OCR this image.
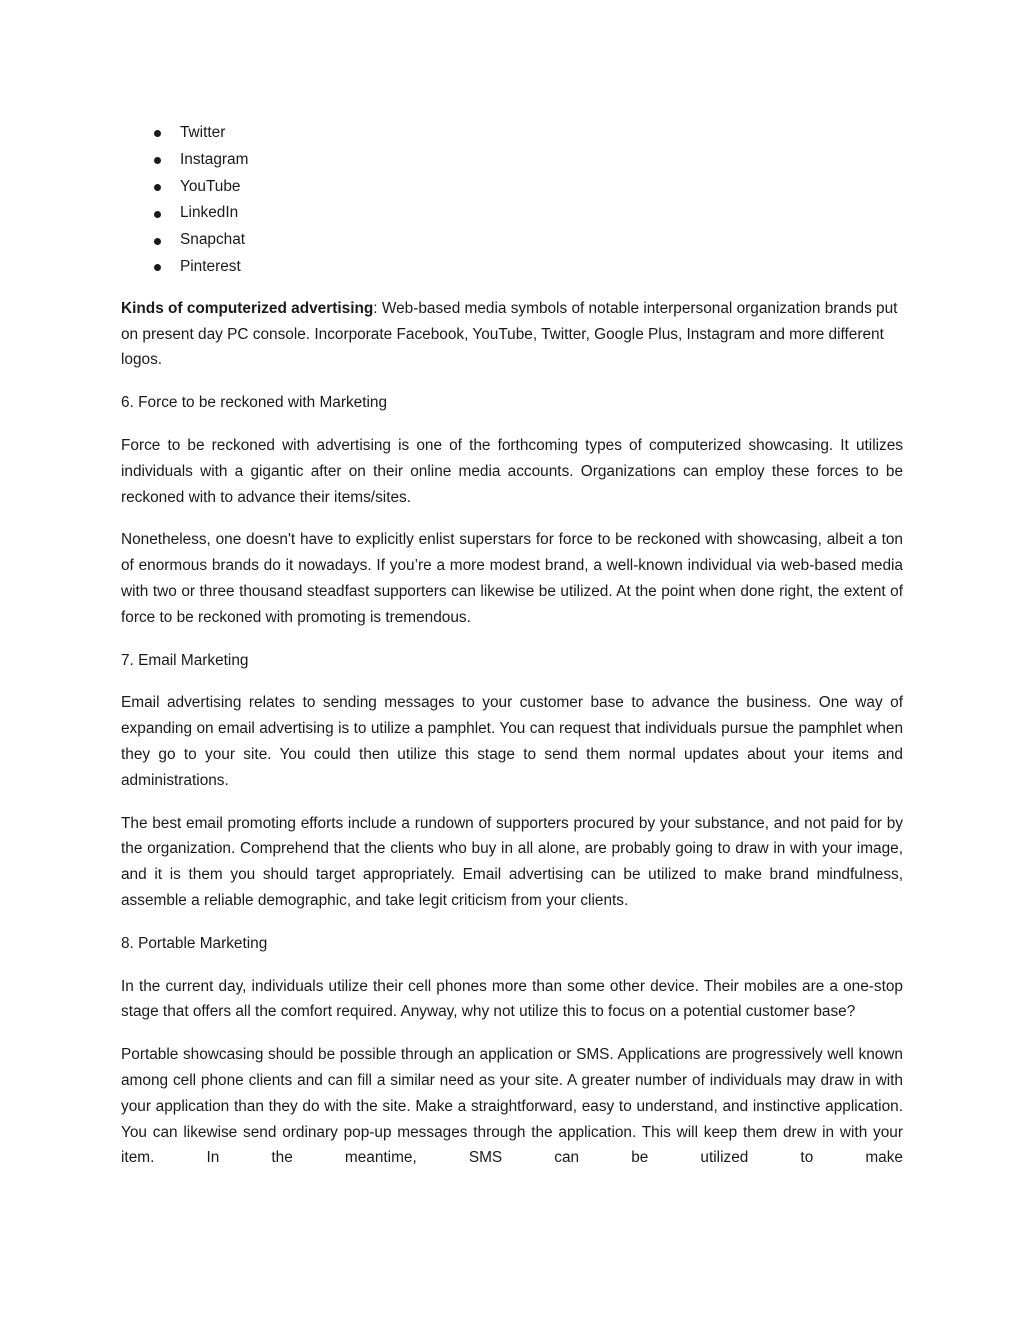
Twitter
Instagram
YouTube
LinkedIn
Snapchat
Pinterest

Kinds of computerized advertising: Web-based media symbols of notable interpersonal organization brands put on present day PC console. Incorporate Facebook, YouTube, Twitter, Google Plus, Instagram and more different logos.

6. Force to be reckoned with Marketing

Force to be reckoned with advertising is one of the forthcoming types of computerized showcasing. It utilizes individuals with a gigantic after on their online media accounts. Organizations can employ these forces to be reckoned with to advance their items/sites.

Nonetheless, one doesn't have to explicitly enlist superstars for force to be reckoned with showcasing, albeit a ton of enormous brands do it nowadays. If you’re a more modest brand, a well-known individual via web-based media with two or three thousand steadfast supporters can likewise be utilized. At the point when done right, the extent of force to be reckoned with promoting is tremendous.

7. Email Marketing

Email advertising relates to sending messages to your customer base to advance the business. One way of expanding on email advertising is to utilize a pamphlet. You can request that individuals pursue the pamphlet when they go to your site. You could then utilize this stage to send them normal updates about your items and administrations.

The best email promoting efforts include a rundown of supporters procured by your substance, and not paid for by the organization. Comprehend that the clients who buy in all alone, are probably going to draw in with your image, and it is them you should target appropriately. Email advertising can be utilized to make brand mindfulness, assemble a reliable demographic, and take legit criticism from your clients.

8. Portable Marketing

In the current day, individuals utilize their cell phones more than some other device. Their mobiles are a one-stop stage that offers all the comfort required. Anyway, why not utilize this to focus on a potential customer base?

Portable showcasing should be possible through an application or SMS. Applications are progressively well known among cell phone clients and can fill a similar need as your site. A greater number of individuals may draw in with your application than they do with the site. Make a straightforward, easy to understand, and instinctive application. You can likewise send ordinary pop-up messages through the application. This will keep them drew in with your item. In the meantime, SMS can be utilized to make
